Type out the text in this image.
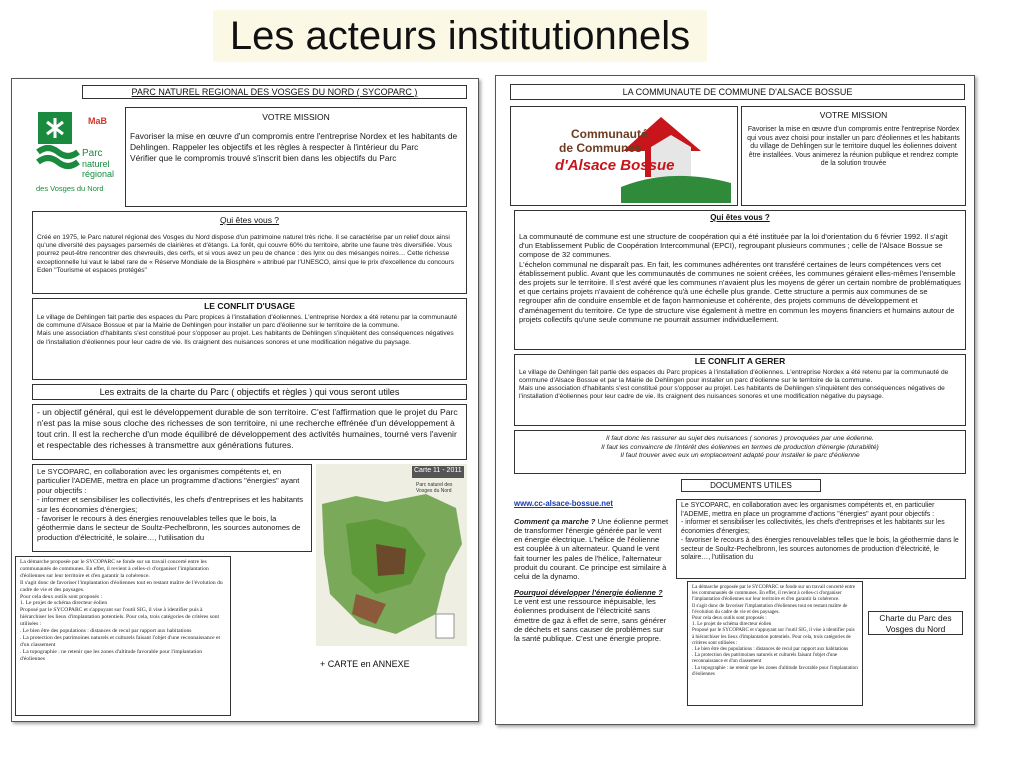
Les acteurs institutionnels
PARC NATUREL REGIONAL DES VOSGES DU NORD ( SYCOPARC )
MaB
Parc
naturel
régional
des Vosges du Nord
VOTRE MISSION
Favoriser la mise en œuvre d'un compromis entre l'entreprise Nordex et les habitants de Dehlingen. Rappeler les objectifs et les règles à respecter à l'intérieur du Parc
Vérifier que le compromis trouvé s'inscrit bien dans les objectifs du Parc
Qui êtes vous ?
Créé en 1975, le Parc naturel régional des Vosges du Nord dispose d'un patrimoine naturel très riche. Il se caractérise par un relief doux ainsi qu'une diversité des paysages parsemés de clairières et d'étangs. La forêt, qui couvre 60% du territoire, abrite une faune très diversifiée. Vous pourrez peut-être rencontrer des chevreuils, des cerfs, et si vous avez un peu de chance : des lynx ou des mésanges noires… Cette richesse exceptionnelle lui vaut le label rare de « Réserve Mondiale de la Biosphère » attribué par l'UNESCO, ainsi que le prix d'excellence du concours Eden "Tourisme et espaces protégés"
LE CONFLIT D'USAGE
Le village de Dehlingen fait partie des espaces du Parc propices à l'installation d'éoliennes. L'entreprise Nordex a été retenu par la communauté de commune d'Alsace Bossue et par la Mairie de Dehlingen pour installer un parc d'éolienne sur le territoire de la commune.
Mais une association d'habitants s'est constitué pour s'opposer au projet. Les habitants de Dehlingen s'inquiètent des conséquences négatives de l'installation d'éoliennes pour leur cadre de vie. Ils craignent des nuisances sonores et une modification négative du paysage.
Les extraits de la charte du Parc ( objectifs et règles ) qui vous seront utiles
- un objectif général, qui est le développement durable de son territoire. C'est l'affirmation que le projet du Parc n'est pas la mise sous cloche des richesses de son territoire, ni une recherche effrénée d'un développement à tout crin. Il est la recherche d'un mode équilibré de développement des activités humaines, tourné vers l'avenir et respectable des richesses à transmettre aux générations futures.
Le SYCOPARC, en collaboration avec les organismes compétents et, en particulier l'ADEME, mettra en place un programme d'actions "énergies" ayant pour objectifs :
- informer et sensibiliser les collectivités, les chefs d'entreprises et les habitants sur les économies d'énergies;
- favoriser le recours à des énergies renouvelables telles que le bois, la géothermie dans le secteur de Soultz-Pechelbronn, les sources autonomes de production d'électricité, le solaire…, l'utilisation du
Carte 11 - 2011
Parc naturel des Vosges du Nord
La démarche proposée par le SYCOPARC se fonde sur un travail concerté entre les communautés de communes. En effet, il revient à celles-ci d'organiser l'implantation d'éoliennes sur leur territoire et d'en garantir la cohérence.
Il s'agit donc de favoriser l'implantation d'éoliennes tout en restant maître de l'évolution du cadre de vie et des paysages.
Pour cela deux outils sont proposés :
1. Le projet de schéma directeur éolien
Proposé par le SYCOPARC et s'appuyant sur l'outil SIG, il vise à identifier puis à hiérarchiser les lieux d'implantation potentiels. Pour cela, trois catégories de critères sont utilisées :
. Le bien être des populations : distances de recul par rapport aux habitations
. La protection des patrimoines naturels et culturels faisant l'objet d'une reconnaissance et d'un classement
. La topographie : ne retenir que les zones d'altitude favorable pour l'implantation d'éoliennes
+ CARTE en ANNEXE
LA COMMUNAUTE DE COMMUNE D'ALSACE BOSSUE
Communauté
de Communes
d'Alsace Bossue
VOTRE MISSION
Favoriser la mise en œuvre d'un compromis entre l'entreprise Nordex qui vous avez choisi pour installer un parc d'éoliennes et les habitants du village de Dehlingen sur le territoire duquel les éoliennes doivent être installées. Vous animerez la réunion publique et rendrez compte de la solution trouvée
Qui êtes vous ?
La communauté de commune est une structure de coopération qui a été instituée par la loi d'orientation du 6 février 1992. Il s'agit d'un Etablissement Public de Coopération Intercommunal (EPCI), regroupant plusieurs communes ; celle de l'Alsace Bossue se compose de 32 communes.
L'échelon communal ne disparaît pas. En fait, les communes adhérentes ont transféré certaines de leurs compétences vers cet établissement public. Avant que les communautés de communes ne soient créées, les communes géraient elles-mêmes l'ensemble des projets sur le territoire. Il s'est avéré que les communes n'avaient plus les moyens de gérer un certain nombre de problématiques et que certains projets n'avaient de cohérence qu'à une échelle plus grande. Cette structure a permis aux communes de se regrouper afin de conduire ensemble et de façon harmonieuse et cohérente, des projets communs de développement et d'aménagement du territoire. Ce type de structure vise également à mettre en commun les moyens financiers et humains autour de projets collectifs qu'une seule commune ne pourrait assumer individuellement.
LE CONFLIT A GERER
Le village de Dehlingen fait partie des espaces du Parc propices à l'installation d'éoliennes. L'entreprise Nordex a été retenu par la communauté de commune d'Alsace Bossue et par la Mairie de Dehlingen pour installer un parc d'éolienne sur le territoire de la commune.
Mais une association d'habitants s'est constitué pour s'opposer au projet. Les habitants de Dehlingen s'inquiètent des conséquences négatives de l'installation d'éoliennes pour leur cadre de vie. Ils craignent des nuisances sonores et une modification négative du paysage.
Il faut donc les rassurer au sujet des nuisances ( sonores ) provoquées par une éolienne.
Il faut les convaincre de l'intérêt des éoliennes en termes de production d'énergie (durabilité)
Il faut trouver avec eux un emplacement adapté pour installer le parc d'éolienne
DOCUMENTS UTILES
www.cc-alsace-bossue.net
Comment ça marche ? Une éolienne permet de transformer l'énergie générée par le vent en énergie électrique. L'hélice de l'éolienne est couplée à un alternateur. Quand le vent fait tourner les pales de l'hélice, l'alternateur produit du courant. Ce principe est similaire à celui de la dynamo.
Pourquoi développer l'énergie éolienne ? Le vent est une ressource inépuisable, les éoliennes produisent de l'électricité sans émettre de gaz à effet de serre, sans générer de déchets et sans causer de problèmes sur la santé publique. C'est une énergie propre.
Le SYCOPARC, en collaboration avec les organismes compétents et, en particulier l'ADEME, mettra en place un programme d'actions "énergies" ayant pour objectifs :
- informer et sensibiliser les collectivités, les chefs d'entreprises et les habitants sur les économies d'énergies;
- favoriser le recours à des énergies renouvelables telles que le bois, la géothermie dans le secteur de Soultz-Pechelbronn, les sources autonomes de production d'électricité, le solaire…, l'utilisation du
La démarche proposée par le SYCOPARC se fonde sur un travail concerté entre les communautés de communes. En effet, il revient à celles-ci d'organiser l'implantation d'éoliennes sur leur territoire et d'en garantir la cohérence.
Il s'agit donc de favoriser l'implantation d'éoliennes tout en restant maître de l'évolution du cadre de vie et des paysages.
Pour cela deux outils sont proposés :
1. Le projet de schéma directeur éolien
Proposé par le SYCOPARC et s'appuyant sur l'outil SIG, il vise à identifier puis à hiérarchiser les lieux d'implantation potentiels. Pour cela, trois catégories de critères sont utilisées :
. Le bien être des populations : distances de recul par rapport aux habitations
. La protection des patrimoines naturels et culturels faisant l'objet d'une reconnaissance et d'un classement
. La topographie : ne retenir que les zones d'altitude favorable pour l'implantation d'éoliennes
Charte du Parc des Vosges du Nord
